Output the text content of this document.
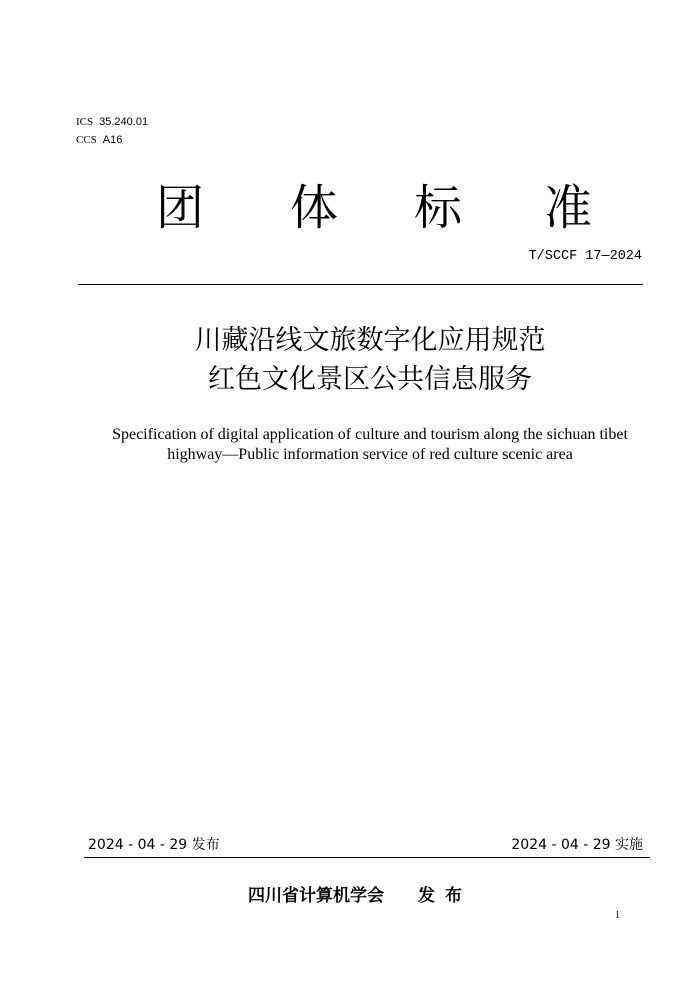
ICS 35.240.01
CCS A16
团 体 标 准
T/SCCF 17—2024
川藏沿线文旅数字化应用规范
红色文化景区公共信息服务
Specification of digital application of culture and tourism along the sichuan tibet
highway—Public information service of red culture scenic area
2024 - 04 - 29 发布	2024 - 04 - 29 实施
四川省计算机学会 发布
1
